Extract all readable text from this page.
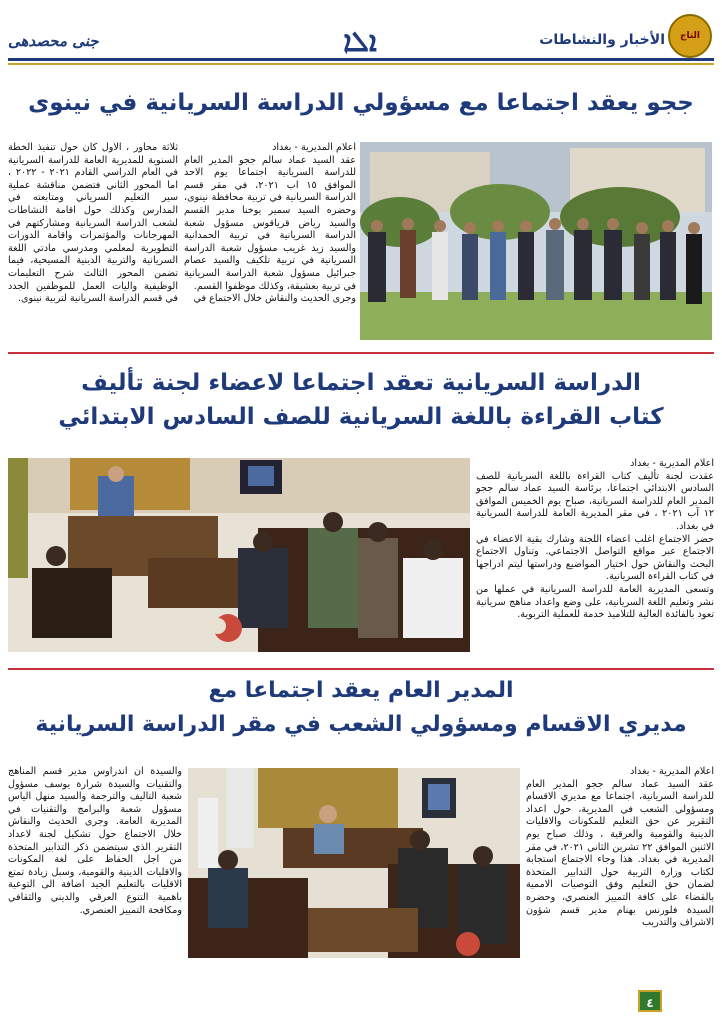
جنى محصدهى	ܐܠܐ	الأخبار والنشاطات	التاج
ججو يعقد اجتماعا مع مسؤولي الدراسة السريانية في نينوى
اعلام المديرية - بغداد
عقد السيد عماد سالم ججو المدير العام للدراسة السريانية اجتماعا يوم الاحد الموافق ١٥ اب ٢٠٢١، في مقر قسم الدراسة السريانية في تربية محافظة نينوى، وحضره السيد سمير يوخنا مدير القسم والسيد رياض قرياقوس مسؤول شعبة الدراسة السريانية في تربية الحمدانية والسيد زيد غريب مسؤول شعبة الدراسة السريانية في تربية تلكيف والسيد عصام جبرائيل مسؤول شعبة الدراسة السريانية في تربية بعشيقة، وكذلك موظفوا القسم.
وجرى الحديث والنقاش خلال الاجتماع في
ثلاثة محاور ، الاول كان حول تنفيذ الخطة السنوية للمديرية العامة للدراسة السريانية في العام الدراسي القادم ٢٠٢١ - ٢٠٢٢ ، اما المحور الثاني فتضمن مناقشة عملية سير التعليم السرياني ومتابعته في المدارس وكذلك حول اقامة النشاطات لشعب الدراسة السريانية ومشاركتهم في المهرجانات والمؤتمرات واقامة الدورات التطويرية لمعلمي ومدرسي مادتي اللغة السريانية والتربية الدينية المسيحية، فيما تضمن المحور الثالث شرح التعليمات الوظيفية واليات العمل للموظفين الجدد في قسم الدراسة السريانية لتربية نينوى.
الدراسة السريانية تعقد اجتماعا لاعضاء لجنة تأليف
كتاب القراءة باللغة السريانية للصف السادس الابتدائي
اعلام المديرية - بغداد
عقدت لجنة تأليف كتاب القراءة باللغة السريانية للصف السادس الابتدائي اجتماعا، برئاسة السيد عماد سالم ججو المدير العام للدراسة السريانية، صباح يوم الخميس الموافق ١٢ آب ٢٠٢١ ، في مقر المديرية العامة للدراسة السريانية في بغداد.
حضر الاجتماع اغلب اعضاء اللجنة وشارك بقية الاعضاء في الاجتماع عبر مواقع التواصل الاجتماعي. وتناول الاجتماع البحث والنقاش حول اختيار المواضيع ودراستها ليتم ادراجها في كتاب القراءة السريانية.
وتسعى المديرية العامة للدراسة السريانية في عملها من نشر وتعليم اللغة السريانية، على وضع واعداد مناهج سريانية تعود بالفائدة العالية للتلاميذ خدمة للعملية التربوية.
المدير العام يعقد اجتماعا مع
مديري الاقسام ومسؤولي الشعب في مقر الدراسة السريانية
اعلام المديرية - بغداد
عقد السيد عماد سالم ججو المدير العام للدراسة السريانية، اجتماعا مع مديري الاقسام ومسؤولي الشعب في المديرية، حول اعداد التقرير عن حق التعليم للمكونات والاقليات الدينية والقومية والعرقية ، وذلك صباح يوم الاثنين الموافق ٢٢ تشرين الثاني ٢٠٢١، في مقر المديرية في بغداد. هذا وجاء الاجتماع استجابة لكتاب وزارة التربية حول التدابير المتخذة لضمان حق التعليم وفق التوصيات الاممية بالقضاء على كافة التمييز العنصري، وحضره السيدة فلورنس بهنام مدير قسم شؤون الاشراف والتدريب
والسيدة ان اندراوس مدير قسم المناهج والتقنيات والسيدة شرارة يوسف مسؤول شعبة التاليف والترجمة والسيد منهل الياس مسؤول شعبة والبرامج والتقنيات في المديرية العامة. وجرى الحديث والنقاش خلال الاجتماع حول تشكيل لجنة لاعداد التقرير الذي سيتضمن ذكر التدابير المتخذة من اجل الحفاظ على لغة المكونات والاقليات الدينية والقومية، وسبل زيادة تمتع الاقليات بالتعليم الجيد اضافة الى التوعية باهمية التنوع العرقي والديني والثقافي ومكافحة التمييز العنصري.
٤
